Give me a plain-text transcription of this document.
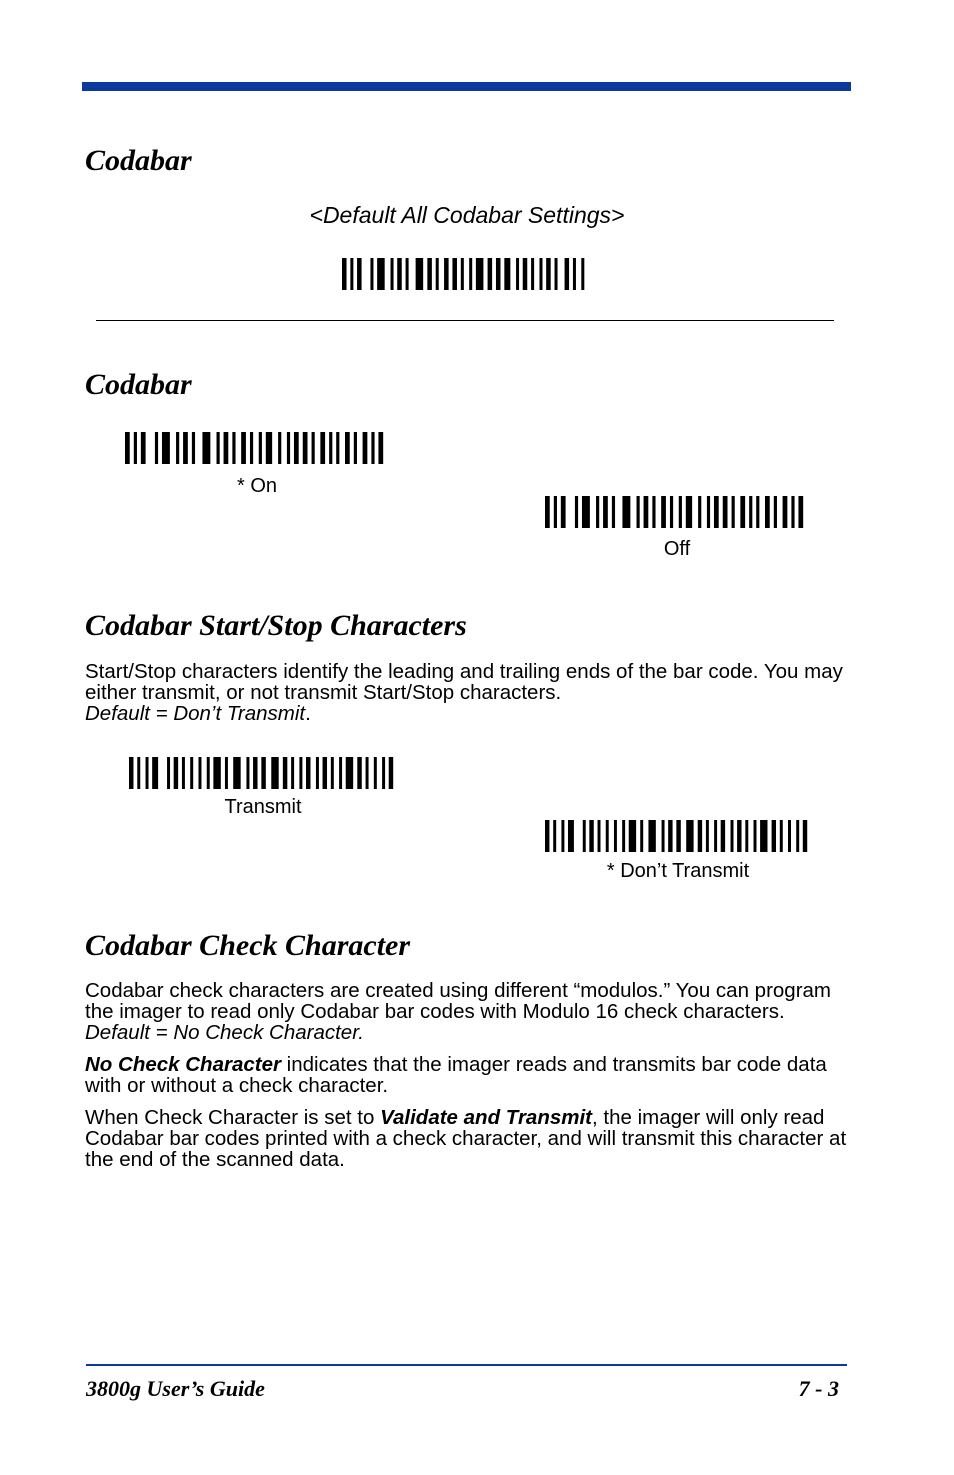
Codabar
<Default All Codabar Settings>
Codabar
* On
Off
Codabar Start/Stop Characters

Start/Stop characters identify the leading and trailing ends of the bar code. You may either transmit, or not transmit Start/Stop characters.
Default = Don’t Transmit.

Transmit
* Don’t Transmit
Codabar Check Character

Codabar check characters are created using different “modulos.” You can program the imager to read only Codabar bar codes with Modulo 16 check characters.  Default = No Check Character.

No Check Character indicates that the imager reads and transmits bar code data with or without a check character.

When Check Character is set to Validate and Transmit, the imager will only read Codabar bar codes printed with a check character, and will transmit this character at the end of the scanned data.

3800g User’s Guide	7 - 3
